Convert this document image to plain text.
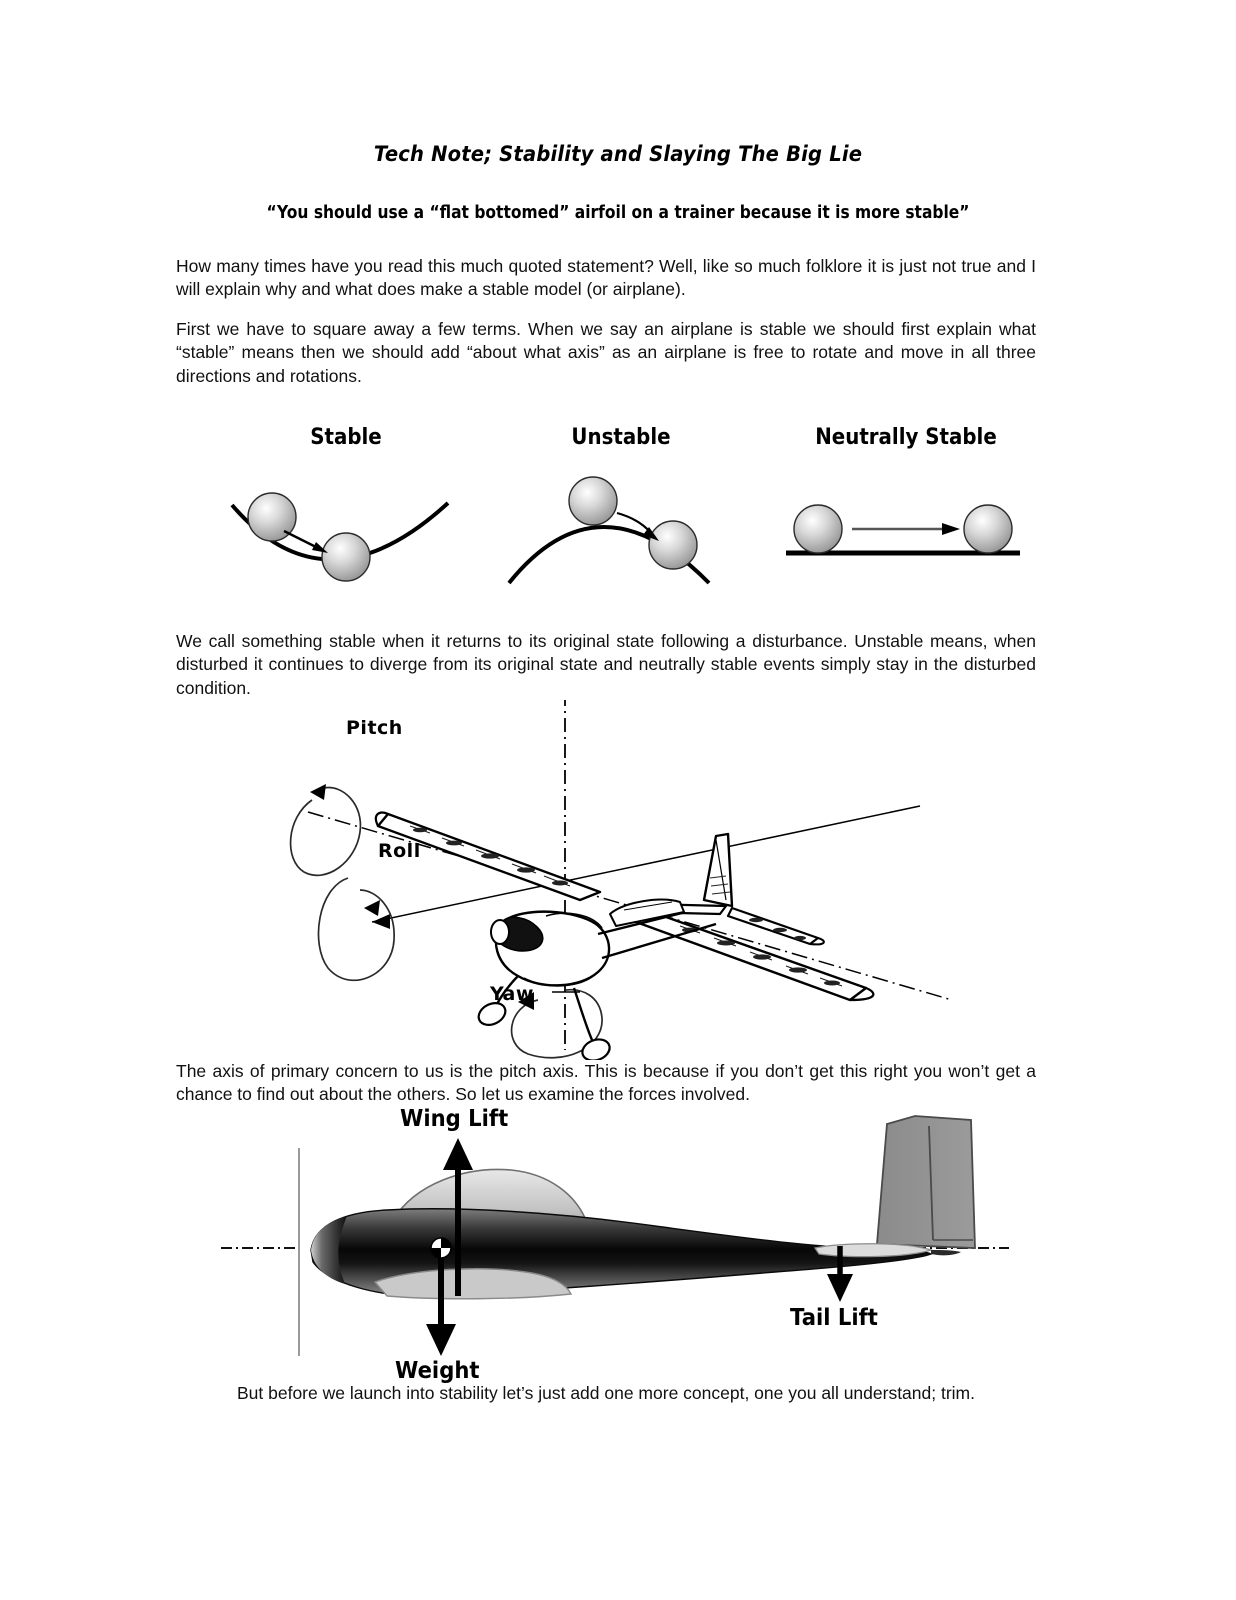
Tech Note; Stability and Slaying The Big Lie
“You should use a “flat bottomed” airfoil on a trainer because it is more stable”
How many times have you read this much quoted statement? Well, like so much folklore it is just not true and I will explain why and what does make a stable model (or airplane).
First we have to square away a few terms. When we say an airplane is stable we should first explain what “stable” means then we should add “about what axis” as an airplane is free to rotate and move in all three directions and rotations.
Stable	Unstable	Neutrally Stable
We call something stable when it returns to its original state following a disturbance. Unstable means, when disturbed it continues to diverge from its original state and neutrally stable events simply stay in the disturbed condition.
Pitch
Roll
Yaw
The axis of primary concern to us is the pitch axis. This is because if you don’t get this right you won’t get a chance to find out about the others. So let us examine the forces involved.
Wing Lift
Weight
Tail Lift
But before we launch into stability let’s just add one more concept, one you all understand; trim.
